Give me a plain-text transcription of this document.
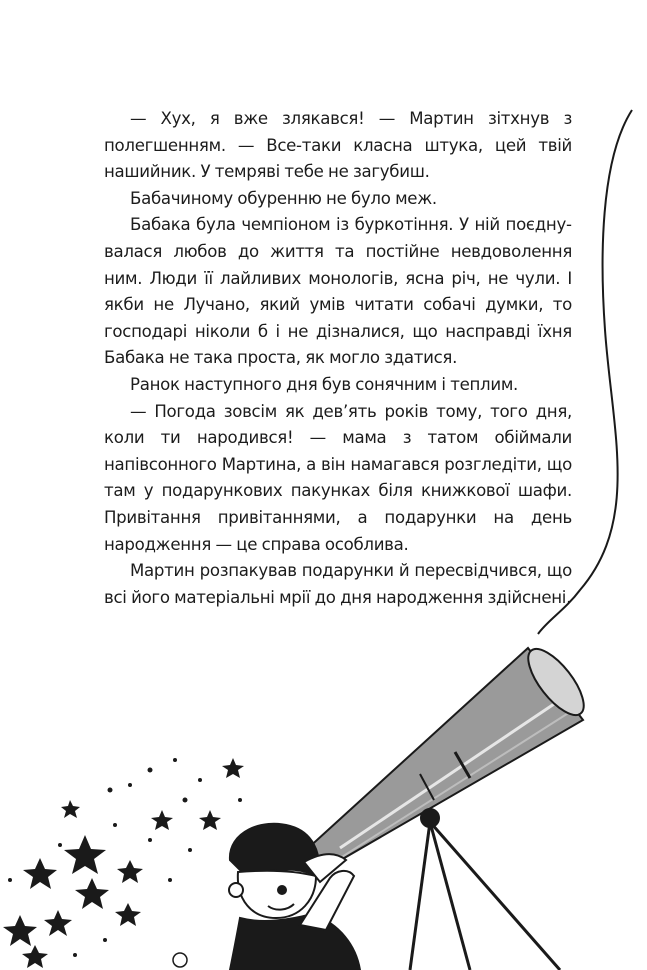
— Хух, я вже злякався! — Мартин зітхнув з полегшенням. — Все-таки класна штука, цей твій нашийник. У темряві тебе не загубиш.

Бабачиному обуренню не було меж.

Бабака була чемпіоном із буркотіння. У ній поєднувалася любов до життя та постійне невдоволення ним. Люди її лайливих монологів, ясна річ, не чули. І якби не Лучано, який умів читати собачі думки, то господарі ніколи б і не дізналися, що насправді їхня Бабака не така проста, як могло здатися.

Ранок наступного дня був сонячним і теплим.

— Погода зовсім як дев’ять років тому, того дня, коли ти народився! — мама з татом обіймали напівсонного Мартина, а він намагався розгледіти, що там у подарункових пакунках біля книжкової шафи. Привітання привітаннями, а подарунки на день народження — це справа особлива.

Мартин розпакував подарунки й пересвідчився, що всі його матеріальні мрії до дня народження здійснені.
